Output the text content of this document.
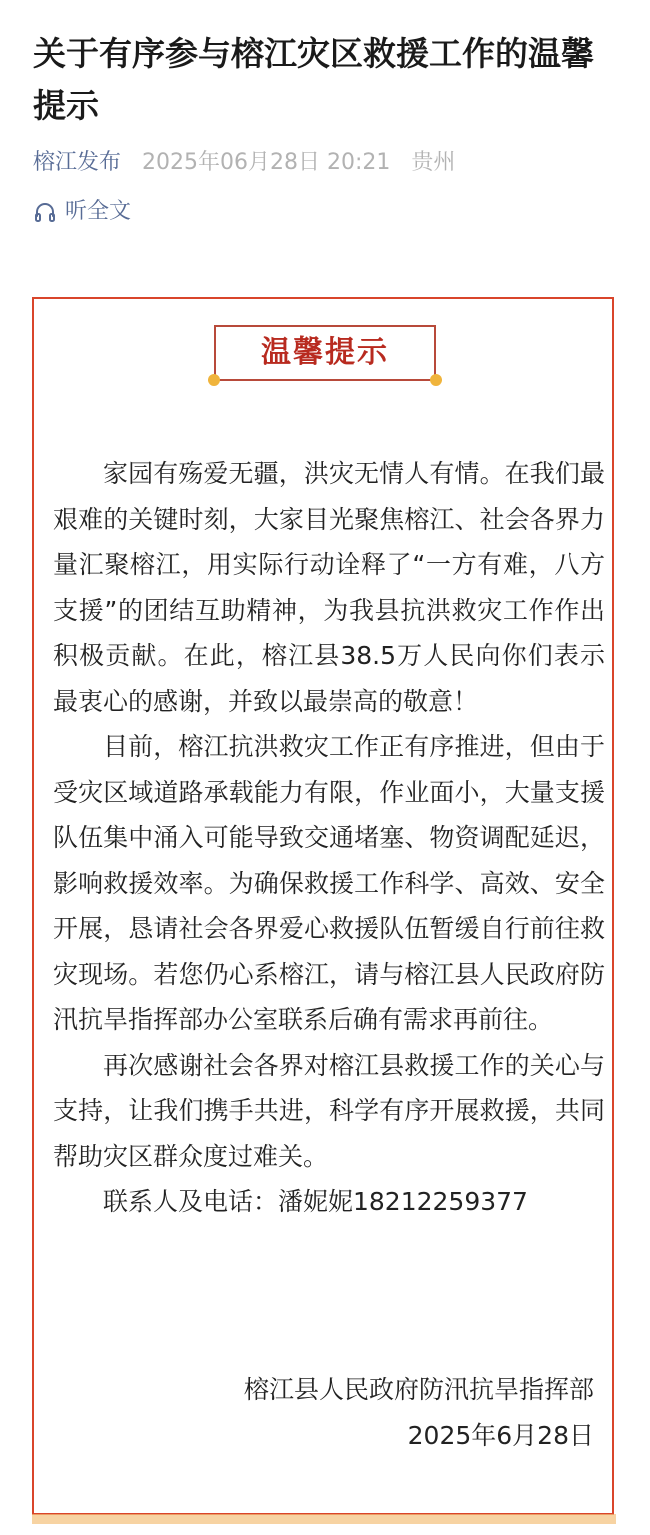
关于有序参与榕江灾区救援工作的温馨提示
榕江发布 2025年06月28日 20:21 贵州
听全文
温馨提示

家园有殇爱无疆，洪灾无情人有情。在我们最艰难的关键时刻，大家目光聚焦榕江、社会各界力量汇聚榕江，用实际行动诠释了“一方有难，八方支援”的团结互助精神，为我县抗洪救灾工作作出积极贡献。在此，榕江县38.5万人民向你们表示最衷心的感谢，并致以最崇高的敬意！

目前，榕江抗洪救灾工作正有序推进，但由于受灾区域道路承载能力有限，作业面小，大量支援队伍集中涌入可能导致交通堵塞、物资调配延迟，影响救援效率。为确保救援工作科学、高效、安全开展，恳请社会各界爱心救援队伍暂缓自行前往救灾现场。若您仍心系榕江，请与榕江县人民政府防汛抗旱指挥部办公室联系后确有需求再前往。

再次感谢社会各界对榕江县救援工作的关心与支持，让我们携手共进，科学有序开展救援，共同帮助灾区群众度过难关。

联系人及电话：潘妮妮18212259377

榕江县人民政府防汛抗旱指挥部
2025年6月28日
